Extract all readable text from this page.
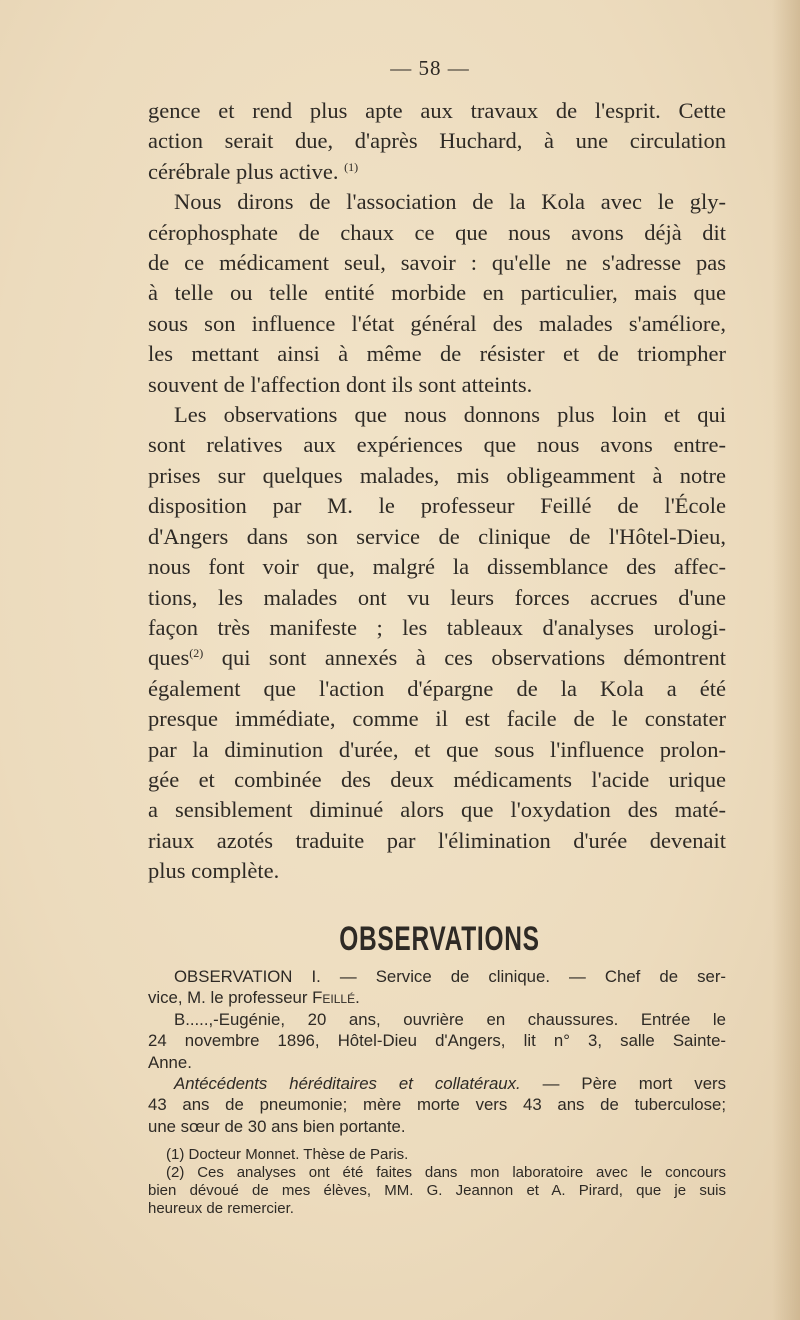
— 58 —
gence et rend plus apte aux travaux de l'esprit. Cette
action serait due, d'après Huchard, à une circulation
cérébrale plus active. $^{(1)}$
Nous dirons de l'association de la Kola avec le gly-
cérophosphate de chaux ce que nous avons déjà dit
de ce médicament seul, savoir : qu'elle ne s'adresse pas
à telle ou telle entité morbide en particulier, mais que
sous son influence l'état général des malades s'améliore,
les mettant ainsi à même de résister et de triompher
souvent de l'affection dont ils sont atteints.
Les observations que nous donnons plus loin et qui
sont relatives aux expériences que nous avons entre-
prises sur quelques malades, mis obligeamment à notre
disposition par M. le professeur Feillé de l'École
d'Angers dans son service de clinique de l'Hôtel-Dieu,
nous font voir que, malgré la dissemblance des affec-
tions, les malades ont vu leurs forces accrues d'une
façon très manifeste ; les tableaux d'analyses urologi-
ques$^{(2)}$ qui sont annexés à ces observations démontrent
également que l'action d'épargne de la Kola a été
presque immédiate, comme il est facile de le constater
par la diminution d'urée, et que sous l'influence prolon-
gée et combinée des deux médicaments l'acide urique
a sensiblement diminué alors que l'oxydation des maté-
riaux azotés traduite par l'élimination d'urée devenait
plus complète.
OBSERVATIONS
OBSERVATION I. — Service de clinique. — Chef de ser-
vice, M. le professeur Feillé.
B.....,-Eugénie, 20 ans, ouvrière en chaussures. Entrée le
24 novembre 1896, Hôtel-Dieu d'Angers, lit n° 3, salle Sainte-
Anne.
Antécédents héréditaires et collatéraux. — Père mort vers
43 ans de pneumonie; mère morte vers 43 ans de tuberculose;
une sœur de 30 ans bien portante.
(1) Docteur Monnet. Thèse de Paris.
(2) Ces analyses ont été faites dans mon laboratoire avec le concours
bien dévoué de mes élèves, MM. G. Jeannon et A. Pirard, que je suis
heureux de remercier.
